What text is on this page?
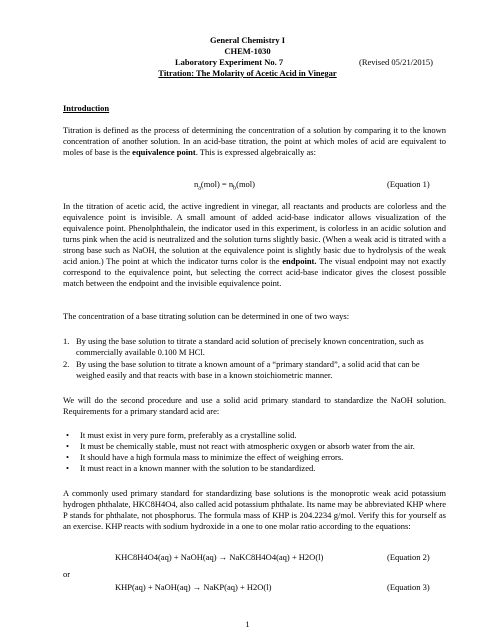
General Chemistry I
CHEM-1030
Laboratory Experiment No. 7	(Revised 05/21/2015)
Titration: The Molarity of Acetic Acid in Vinegar
Introduction
Titration is defined as the process of determining the concentration of a solution by comparing it to the known concentration of another solution. In an acid-base titration, the point at which moles of acid are equivalent to moles of base is the equivalence point. This is expressed algebraically as:
$n_a(mol) = n_b(mol)$	(Equation 1)
In the titration of acetic acid, the active ingredient in vinegar, all reactants and products are colorless and the equivalence point is invisible. A small amount of added acid-base indicator allows visualization of the equivalence point. Phenolphthalein, the indicator used in this experiment, is colorless in an acidic solution and turns pink when the acid is neutralized and the solution turns slightly basic. (When a weak acid is titrated with a strong base such as NaOH, the solution at the equivalence point is slightly basic due to hydrolysis of the weak acid anion.) The point at which the indicator turns color is the endpoint. The visual endpoint may not exactly correspond to the equivalence point, but selecting the correct acid-base indicator gives the closest possible match between the endpoint and the invisible equivalence point.
The concentration of a base titrating solution can be determined in one of two ways:
1. By using the base solution to titrate a standard acid solution of precisely known concentration, such as commercially available 0.100 M HCl.
2. By using the base solution to titrate a known amount of a “primary standard”, a solid acid that can be weighed easily and that reacts with base in a known stoichiometric manner.
We will do the second procedure and use a solid acid primary standard to standardize the NaOH solution. Requirements for a primary standard acid are:
• It must exist in very pure form, preferably as a crystalline solid.
• It must be chemically stable, must not react with atmospheric oxygen or absorb water from the air.
• It should have a high formula mass to minimize the effect of weighing errors.
• It must react in a known manner with the solution to be standardized.
A commonly used primary standard for standardizing base solutions is the monoprotic weak acid potassium hydrogen phthalate, HKC8H4O4, also called acid potassium phthalate. Its name may be abbreviated KHP where P stands for phthalate, not phosphorus. The formula mass of KHP is 204.2234 g/mol. Verify this for yourself as an exercise. KHP reacts with sodium hydroxide in a one to one molar ratio according to the equations:
KHC8H4O4(aq) + NaOH(aq) → NaKC8H4O4(aq) + H2O(l)	(Equation 2)
or
KHP(aq) + NaOH(aq) → NaKP(aq) + H2O(l)	(Equation 3)
1
